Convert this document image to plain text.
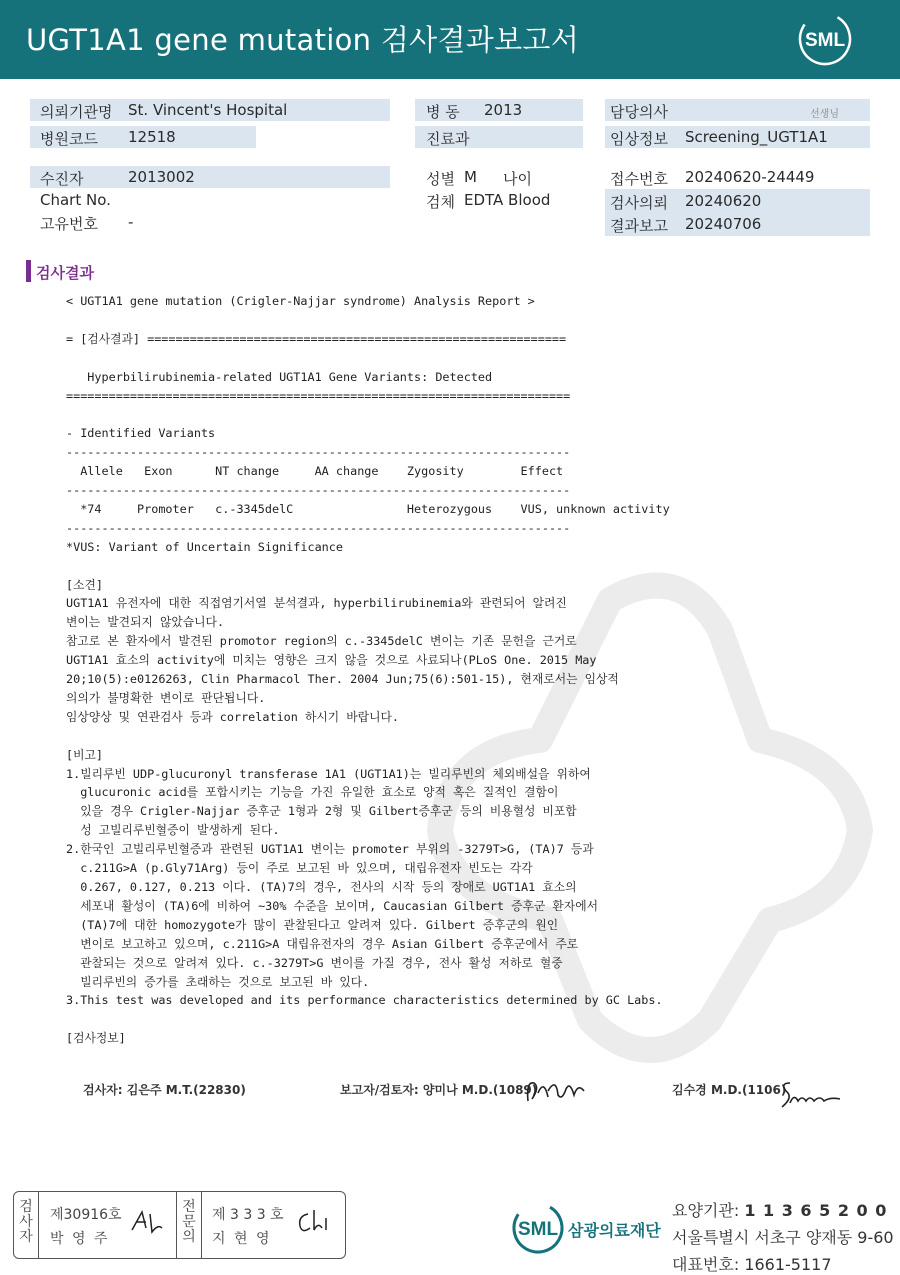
UGT1A1 gene mutation 검사결과보고서	SML
의뢰기관명 St. Vincent's Hospital	병 동 2013	담당의사	선생님
병원코드 12518	진료과	임상정보 Screening_UGT1A1
수진자	2013002	성별 M 나이	접수번호 20240620-24449
Chart No.	검체 EDTA Blood	검사의뢰 20240620
고유번호 -	결과보고 20240706
검사결과
< UGT1A1 gene mutation (Crigler-Najjar syndrome) Analysis Report >
= [검사결과] ===========================================================
Hyperbilirubinemia-related UGT1A1 Gene Variants: Detected
=======================================================================
- Identified Variants
-----------------------------------------------------------------------
Allele   Exon      NT change     AA change    Zygosity        Effect
-----------------------------------------------------------------------
*74     Promoter   c.-3345delC                Heterozygous    VUS, unknown activity
-----------------------------------------------------------------------
*VUS: Variant of Uncertain Significance
[소견]
UGT1A1 유전자에 대한 직접염기서열 분석결과, hyperbilirubinemia와 관련되어 알려진
변이는 발견되지 않았습니다.
참고로 본 환자에서 발견된 promotor region의 c.-3345delC 변이는 기존 문헌을 근거로
UGT1A1 효소의 activity에 미치는 영향은 크지 않을 것으로 사료되나(PLoS One. 2015 May
20;10(5):e0126263, Clin Pharmacol Ther. 2004 Jun;75(6):501-15), 현재로서는 임상적
의의가 불명확한 변이로 판단됩니다.
임상양상 및 연관검사 등과 correlation 하시기 바랍니다.
[비고]
1.빌리루빈 UDP-glucuronyl transferase 1A1 (UGT1A1)는 빌리루빈의 체외배설을 위하여
glucuronic acid를 포합시키는 기능을 가진 유일한 효소로 양적 혹은 질적인 결함이
있을 경우 Crigler-Najjar 증후군 1형과 2형 및 Gilbert증후군 등의 비용혈성 비포합
성 고빌리루빈혈증이 발생하게 된다.
2.한국인 고빌리루빈혈증과 관련된 UGT1A1 변이는 promoter 부위의 -3279T>G, (TA)7 등과
c.211G>A (p.Gly71Arg) 등이 주로 보고된 바 있으며, 대립유전자 빈도는 각각
0.267, 0.127, 0.213 이다. (TA)7의 경우, 전사의 시작 등의 장애로 UGT1A1 효소의
세포내 활성이 (TA)6에 비하여 ~30% 수준을 보이며, Caucasian Gilbert 증후군 환자에서
(TA)7에 대한 homozygote가 많이 관찰된다고 알려져 있다. Gilbert 증후군의 원인
변이로 보고하고 있으며, c.211G>A 대립유전자의 경우 Asian Gilbert 증후군에서 주로
관찰되는 것으로 알려져 있다. c.-3279T>G 변이를 가질 경우, 전사 활성 저하로 혈중
빌리루빈의 증가를 초래하는 것으로 보고된 바 있다.
3.This test was developed and its performance characteristics determined by GC Labs.
[검사정보]
검사자: 김은주 M.T.(22830)	보고자/검토자: 양미나 M.D.(1089)	김수경 M.D.(1106)
검
사
자
제30916호
박 영 주
전
문
의
제 3 3 3 호
지 현 영	SML 삼광의료재단
요양기관: 1 1 3 6 5 2 0 0
서울특별시 서초구 양재동 9-60
대표번호: 1661-5117
